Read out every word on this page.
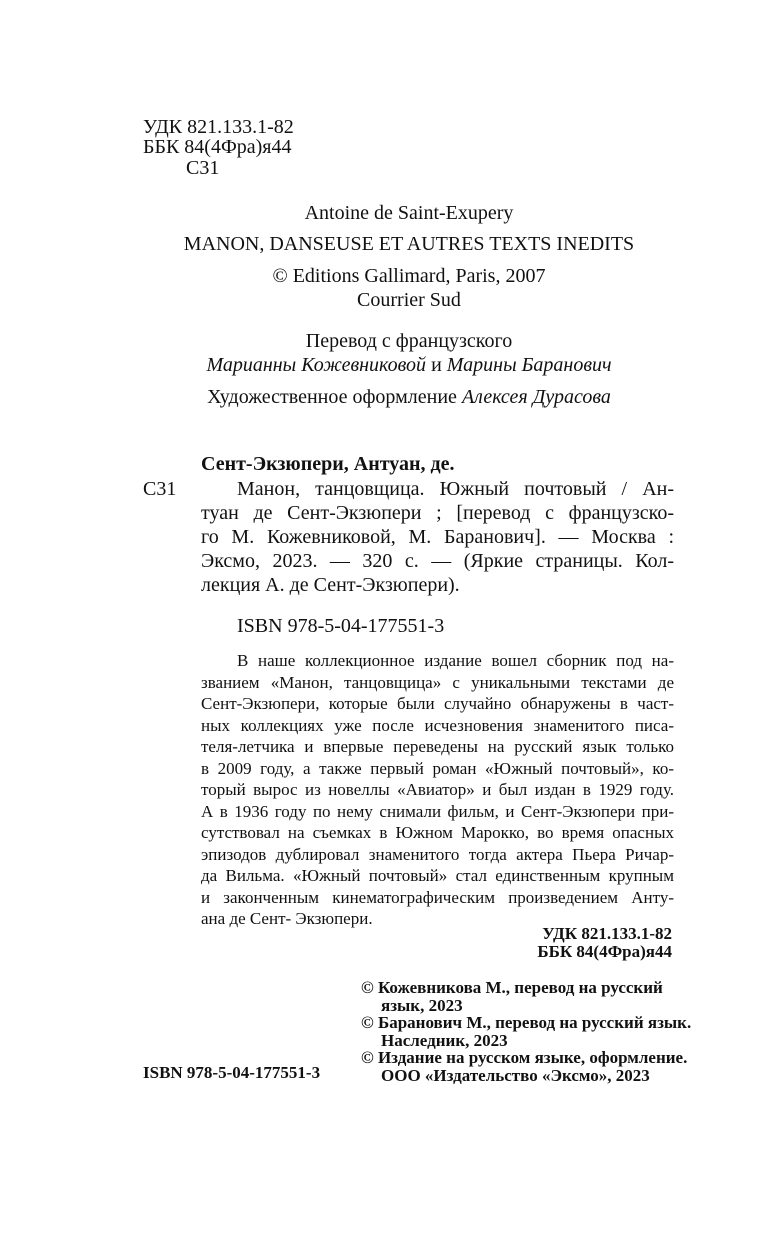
УДК 821.133.1-82
ББК 84(4Фра)я44
С31
Antoine de Saint-Exupery
MANON, DANSEUSE ET AUTRES TEXTS INEDITS
© Editions Gallimard, Paris, 2007
Courrier Sud
Перевод с французского
Марианны Кожевниковой и Марины Баранович
Художественное оформление Алексея Дурасова
Сент-Экзюпери, Антуан, де.
С31	Манон, танцовщица. Южный почтовый / Ан-
туан де Сент-Экзюпери ; [перевод с французско-
го М. Кожевниковой, М. Баранович]. — Москва :
Эксмо, 2023. — 320 с. — (Яркие страницы. Кол-
лекция А. де Сент-Экзюпери).
ISBN 978-5-04-177551-3
В наше коллекционное издание вошел сборник под на-
званием «Манон, танцовщица» с уникальными текстами де
Сент-Экзюпери, которые были случайно обнаружены в част-
ных коллекциях уже после исчезновения знаменитого писа-
теля-летчика и впервые переведены на русский язык только
в 2009 году, а также первый роман «Южный почтовый», ко-
торый вырос из новеллы «Авиатор» и был издан в 1929 году.
А в 1936 году по нему снимали фильм, и Сент-Экзюпери при-
сутствовал на съемках в Южном Марокко, во время опасных
эпизодов дублировал знаменитого тогда актера Пьера Ричар-
да Вильма. «Южный почтовый» стал единственным крупным
и законченным кинематографическим произведением Анту-
ана де Сент- Экзюпери.
УДК 821.133.1-82
ББК 84(4Фра)я44
© Кожевникова М., перевод на русский
язык, 2023
© Баранович М., перевод на русский язык.
Наследник, 2023
© Издание на русском языке, оформление.
ООО «Издательство «Эксмо», 2023
ISBN 978-5-04-177551-3
